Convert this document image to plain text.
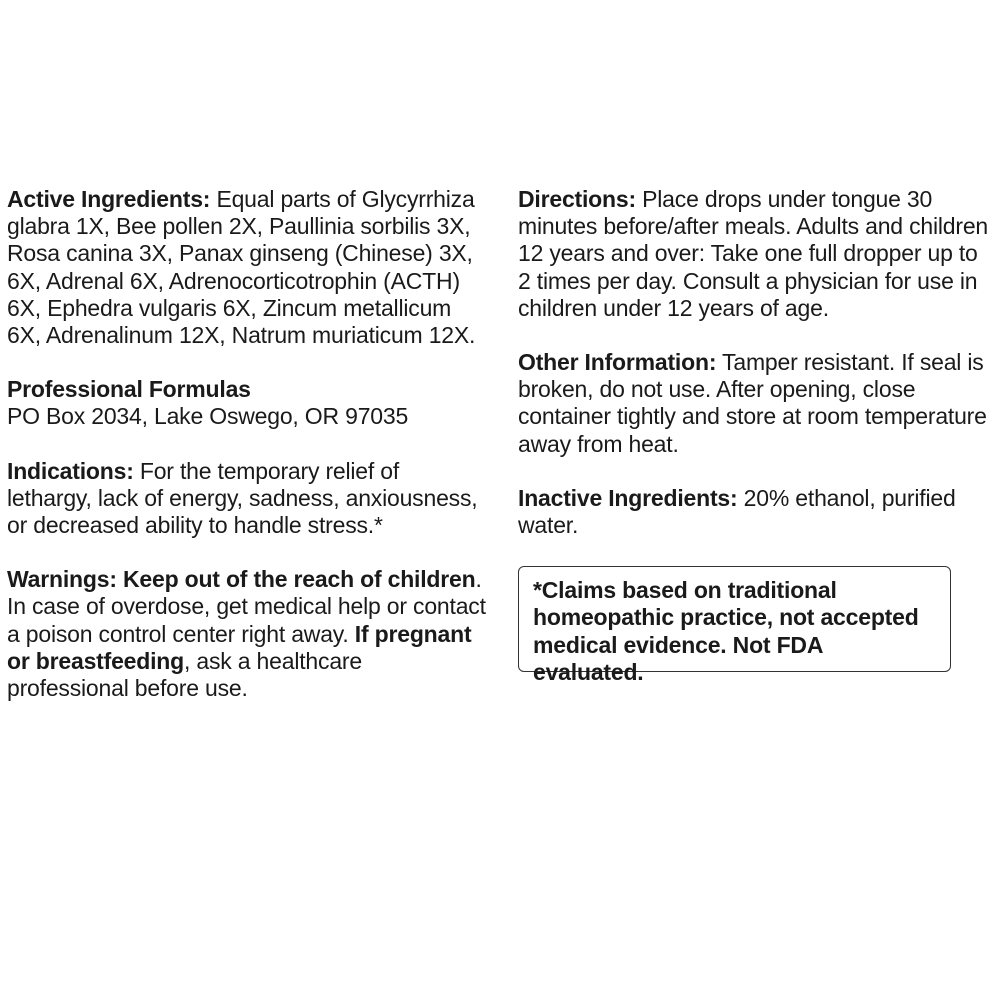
Active Ingredients: Equal parts of Glycyrrhiza glabra 1X, Bee pollen 2X, Paullinia sorbilis 3X, Rosa canina 3X, Panax ginseng (Chinese) 3X, 6X, Adrenal 6X, Adrenocorticotrophin (ACTH) 6X, Ephedra vulgaris 6X, Zincum metallicum 6X, Adrenalinum 12X, Natrum muriaticum 12X.

Professional Formulas

PO Box 2034, Lake Oswego, OR 97035

Indications: For the temporary relief of lethargy, lack of energy, sadness, anxiousness, or decreased ability to handle stress.*

Warnings: Keep out of the reach of children. In case of overdose, get medical help or contact a poison control center right away. If pregnant or breastfeeding, ask a healthcare professional before use.

Directions: Place drops under tongue 30 minutes before/after meals. Adults and children 12 years and over: Take one full dropper up to 2 times per day. Consult a physician for use in children under 12 years of age.

Other Information: Tamper resistant. If seal is broken, do not use. After opening, close container tightly and store at room temperature away from heat.

Inactive Ingredients: 20% ethanol, purified water.

*Claims based on traditional homeopathic practice, not accepted medical evidence. Not FDA evaluated.
